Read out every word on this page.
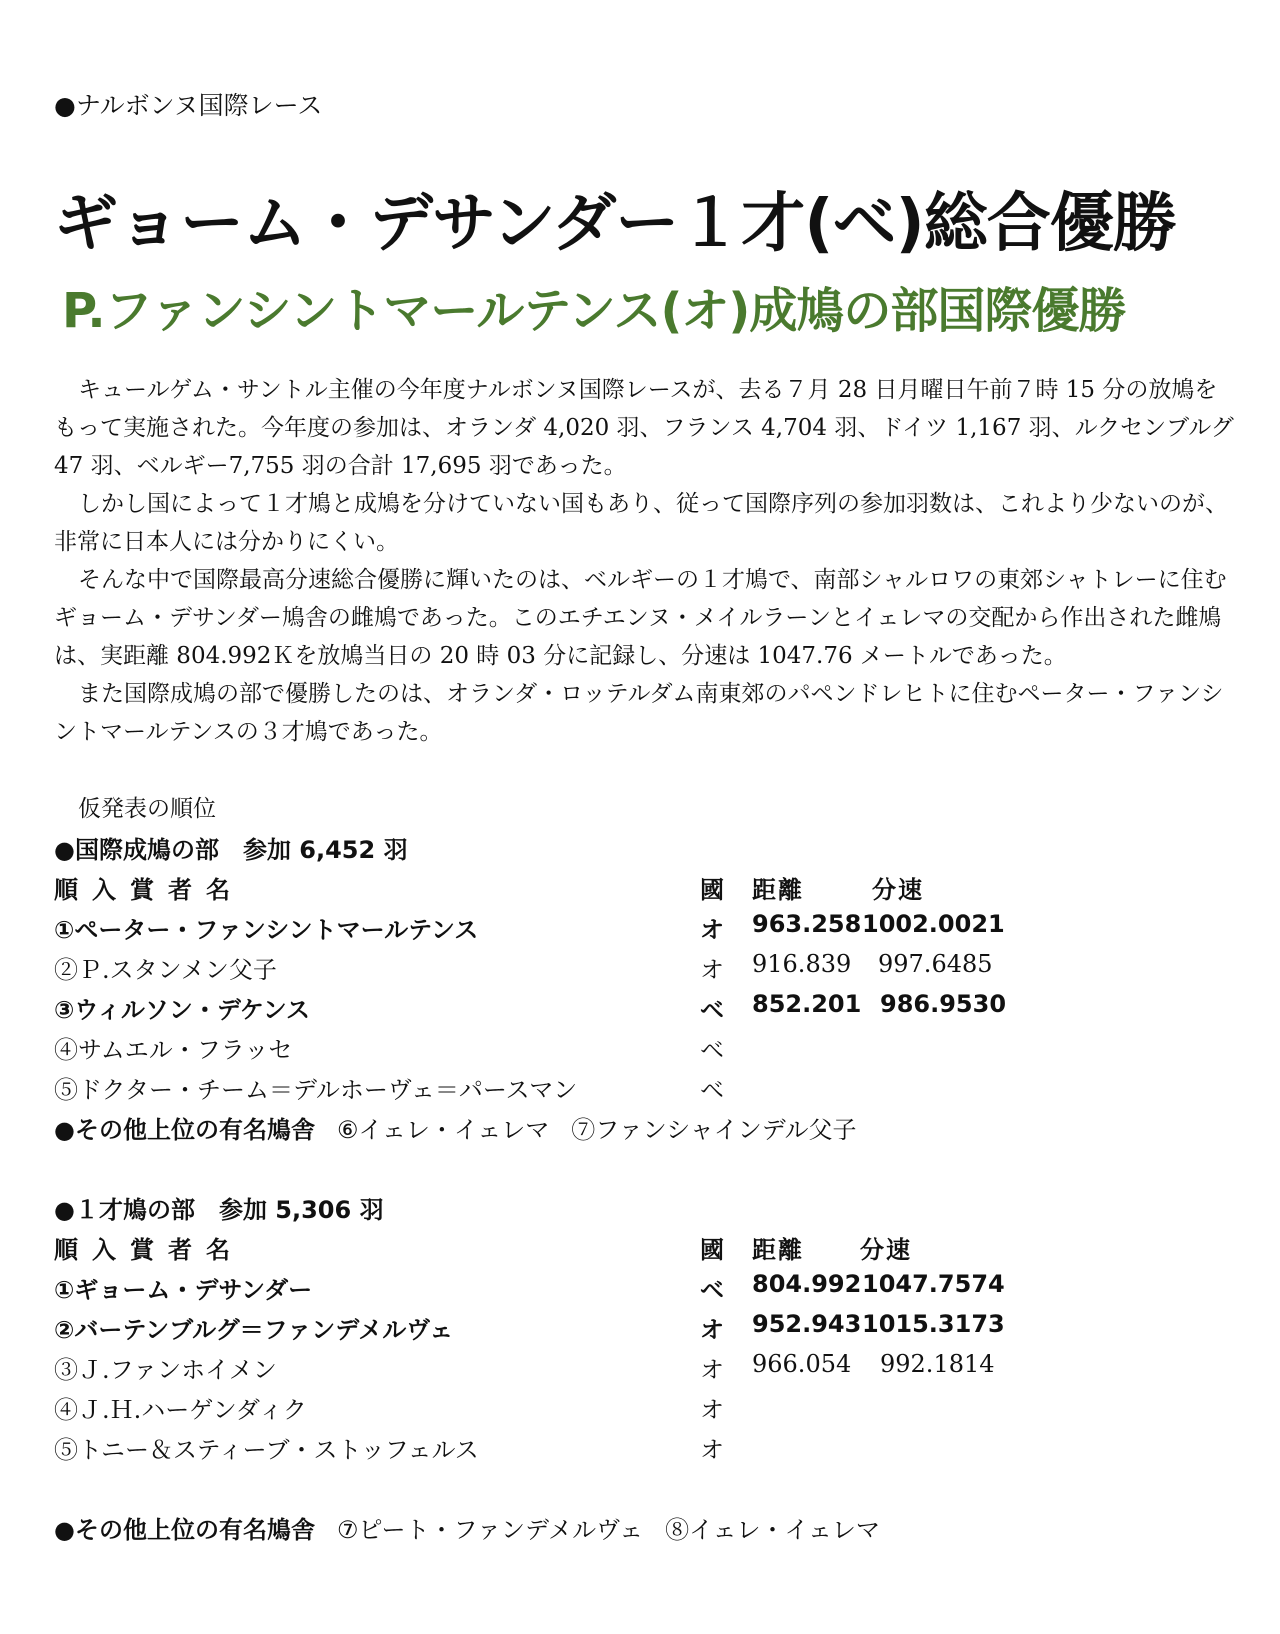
●ナルボンヌ国際レース
ギョーム・デサンダー１才(ベ)総合優勝
P.ファンシントマールテンス(オ)成鳩の部国際優勝

キュールゲム・サントル主催の今年度ナルボンヌ国際レースが、去る７月 28 日月曜日午前７時 15 分の放鳩をもって実施された。今年度の参加は、オランダ 4,020 羽、フランス 4,704 羽、ドイツ 1,167 羽、ルクセンブルグ 47 羽、ベルギー7,755 羽の合計 17,695 羽であった。

しかし国によって１才鳩と成鳩を分けていない国もあり、従って国際序列の参加羽数は、これより少ないのが、非常に日本人には分かりにくい。

そんな中で国際最高分速総合優勝に輝いたのは、ベルギーの１才鳩で、南部シャルロワの東郊シャトレーに住むギョーム・デサンダー鳩舎の雌鳩であった。このエチエンヌ・メイルラーンとイェレマの交配から作出された雌鳩は、実距離 804.992Ｋを放鳩当日の 20 時 03 分に記録し、分速は 1047.76 メートルであった。

また国際成鳩の部で優勝したのは、オランダ・ロッテルダム南東郊のパペンドレヒトに住むペーター・ファンシントマールテンスの３才鳩であった。

仮発表の順位
●国際成鳩の部　参加 6,452 羽
順入賞者名	國 距離	分速
①ペーター・ファンシントマールテンス	オ 963.258 1002.0021
②Ｐ.スタンメン父子	オ 916.839 997.6485
③ウィルソン・デケンス	ベ 852.201 986.9530
④サムエル・フラッセ	ベ
⑤ドクター・チーム＝デルホーヴェ＝パースマン	ベ
●その他上位の有名鳩舎 ⑥イェレ・イェレマ ⑦ファンシャインデル父子
●１才鳩の部　参加 5,306 羽
順入賞者名	國 距離 分速
①ギョーム・デサンダー	ベ 804.992 1047.7574
②バーテンブルグ＝ファンデメルヴェ	オ 952.943 1015.3173
③Ｊ.ファンホイメン	オ 966.054 992.1814
④Ｊ.Ｈ.ハーゲンダィク	オ
⑤トニー＆スティーブ・ストッフェルス	オ
●その他上位の有名鳩舎 ⑦ピート・ファンデメルヴェ ⑧イェレ・イェレマ
